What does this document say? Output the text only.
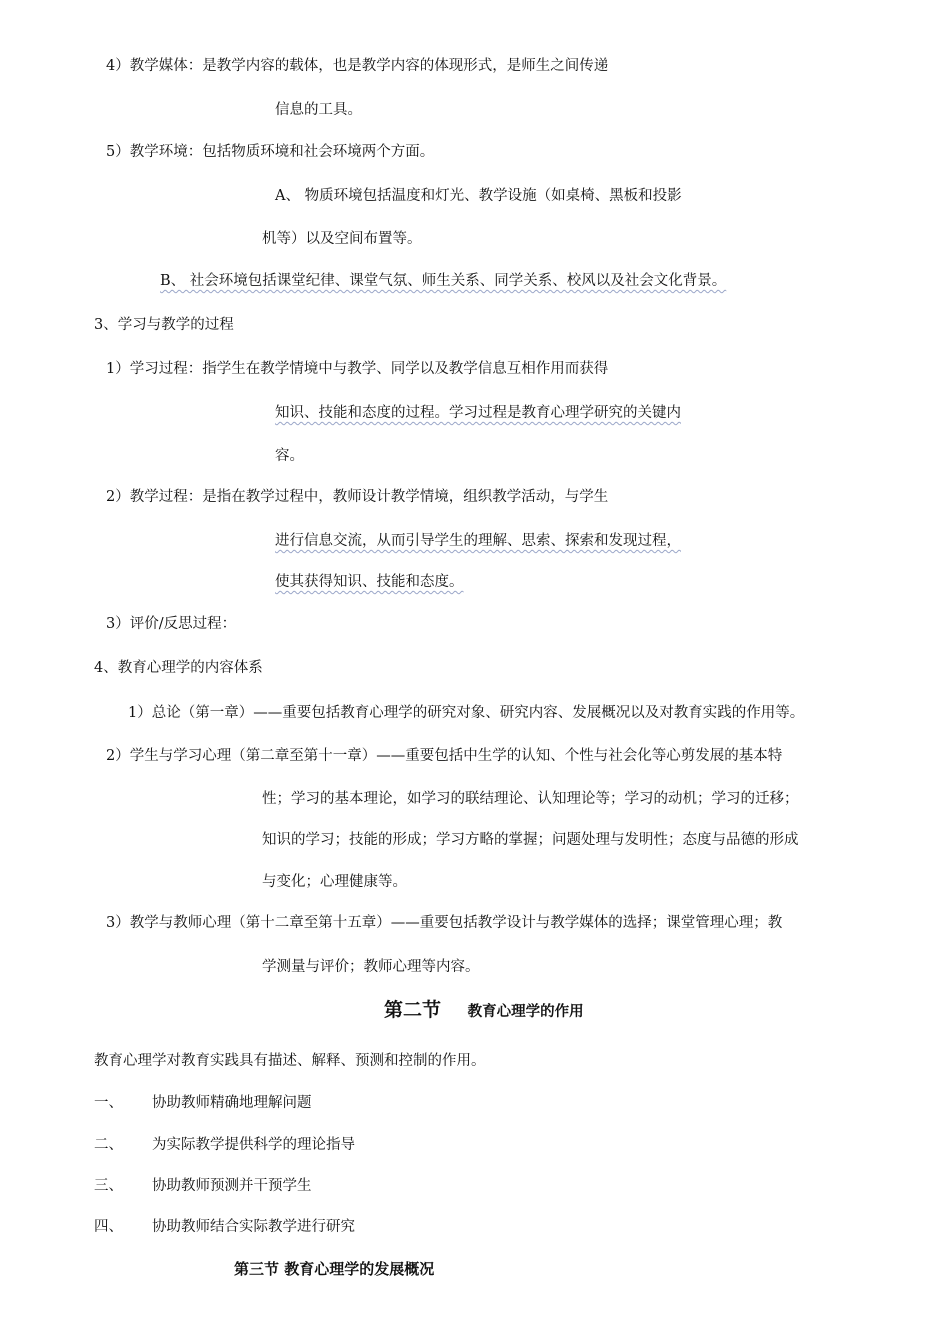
4）教学媒体：是教学内容的载体，也是教学内容的体现形式，是师生之间传递
信息的工具。
5）教学环境：包括物质环境和社会环境两个方面。
A、 物质环境包括温度和灯光、教学设施（如桌椅、黑板和投影
机等）以及空间布置等。
B、 社会环境包括课堂纪律、课堂气氛、师生关系、同学关系、校风以及社会文化背景。
3、学习与教学的过程
1）学习过程：指学生在教学情境中与教学、同学以及教学信息互相作用而获得
知识、技能和态度的过程。学习过程是教育心理学研究的关键内
容。
2）教学过程：是指在教学过程中，教师设计教学情境，组织教学活动，与学生
进行信息交流，从而引导学生的理解、思索、探索和发现过程，
使其获得知识、技能和态度。
3）评价/反思过程：
4、教育心理学的内容体系
1）总论（第一章）——重要包括教育心理学的研究对象、研究内容、发展概况以及对教育实践的作用等。
2）学生与学习心理（第二章至第十一章）——重要包括中生学的认知、个性与社会化等心剪发展的基本特
性；学习的基本理论，如学习的联结理论、认知理论等；学习的动机；学习的迁移；
知识的学习；技能的形成；学习方略的掌握；问题处理与发明性；态度与品德的形成
与变化；心理健康等。
3）教学与教师心理（第十二章至第十五章）——重要包括教学设计与教学媒体的选择；课堂管理心理；教
学测量与评价；教师心理等内容。
第二节 教育心理学的作用
教育心理学对教育实践具有描述、解释、预测和控制的作用。
一、 协助教师精确地理解问题
二、 为实际教学提供科学的理论指导
三、 协助教师预测并干预学生
四、 协助教师结合实际教学进行研究
第三节 教育心理学的发展概况
